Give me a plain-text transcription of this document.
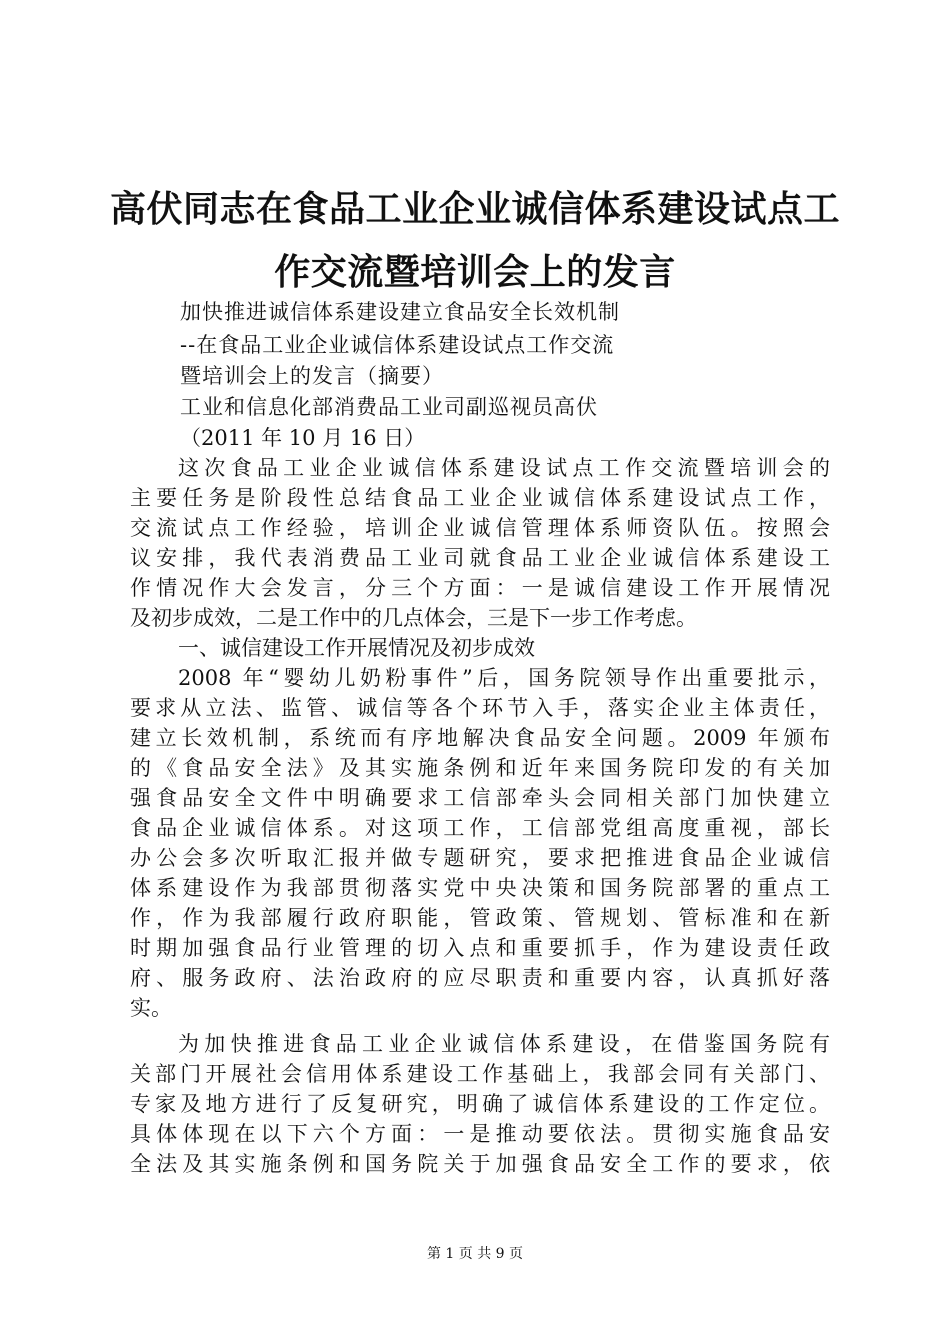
高伏同志在食品工业企业诚信体系建设试点工
作交流暨培训会上的发言
加快推进诚信体系建设建立食品安全长效机制
--在食品工业企业诚信体系建设试点工作交流
暨培训会上的发言（摘要）
工业和信息化部消费品工业司副巡视员高伏
（2011 年 10 月 16 日）
这次食品工业企业诚信体系建设试点工作交流暨培训会的
主要任务是阶段性总结食品工业企业诚信体系建设试点工作，
交流试点工作经验，培训企业诚信管理体系师资队伍。按照会
议安排，我代表消费品工业司就食品工业企业诚信体系建设工
作情况作大会发言，分三个方面：一是诚信建设工作开展情况
及初步成效，二是工作中的几点体会，三是下一步工作考虑。
一、诚信建设工作开展情况及初步成效
2008 年“婴幼儿奶粉事件”后，国务院领导作出重要批示，
要求从立法、监管、诚信等各个环节入手，落实企业主体责任，
建立长效机制，系统而有序地解决食品安全问题。2009 年颁布
的《食品安全法》及其实施条例和近年来国务院印发的有关加
强食品安全文件中明确要求工信部牵头会同相关部门加快建立
食品企业诚信体系。对这项工作，工信部党组高度重视，部长
办公会多次听取汇报并做专题研究，要求把推进食品企业诚信
体系建设作为我部贯彻落实党中央决策和国务院部署的重点工
作，作为我部履行政府职能，管政策、管规划、管标准和在新
时期加强食品行业管理的切入点和重要抓手，作为建设责任政
府、服务政府、法治政府的应尽职责和重要内容，认真抓好落
实。
为加快推进食品工业企业诚信体系建设，在借鉴国务院有
关部门开展社会信用体系建设工作基础上，我部会同有关部门、
专家及地方进行了反复研究，明确了诚信体系建设的工作定位。
具体体现在以下六个方面：一是推动要依法。贯彻实施食品安
全法及其实施条例和国务院关于加强食品安全工作的要求，依
第 1 页 共 9 页
